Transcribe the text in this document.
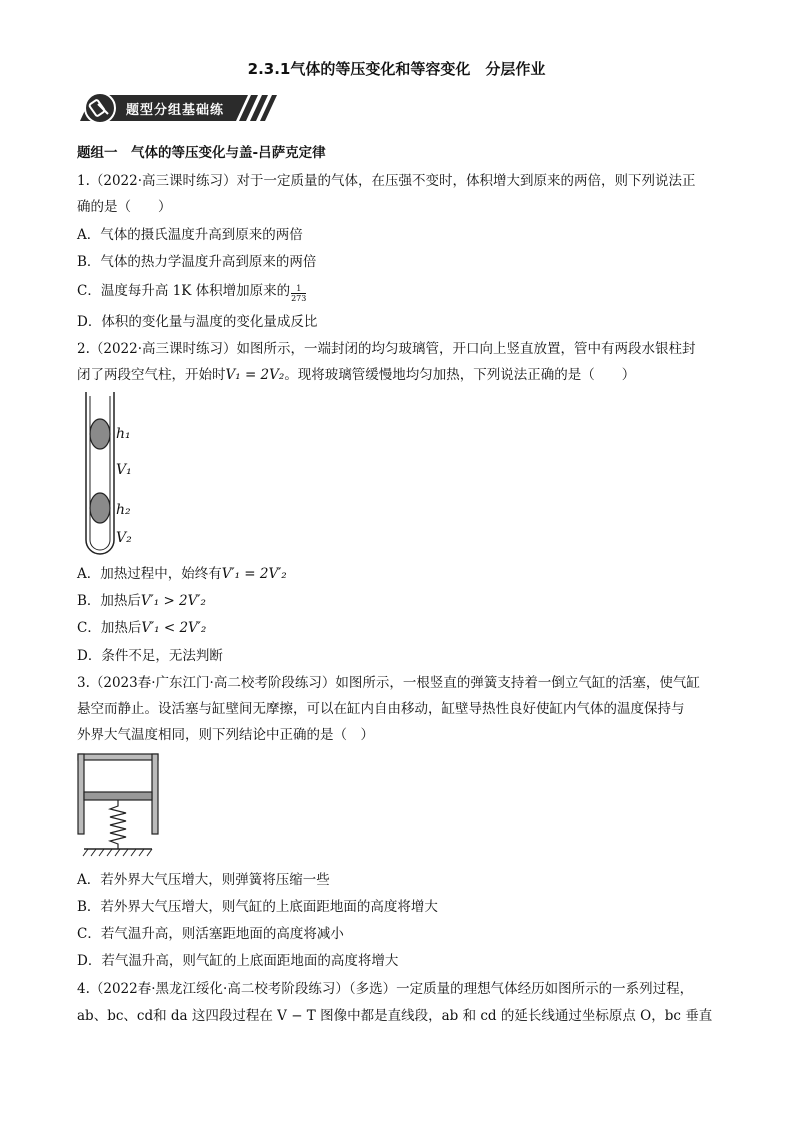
2.3.1气体的等压变化和等容变化　分层作业
题型分组基础练
题组一　气体的等压变化与盖-吕萨克定律
1.（2022·高三课时练习）对于一定质量的气体，在压强不变时，体积增大到原来的两倍，则下列说法正
确的是（　　）
A．气体的摄氏温度升高到原来的两倍
B．气体的热力学温度升高到原来的两倍
C．温度每升高 1K 体积增加原来的 $\frac{1}{273}$
D．体积的变化量与温度的变化量成反比
2.（2022·高三课时练习）如图所示，一端封闭的均匀玻璃管，开口向上竖直放置，管中有两段水银柱封
闭了两段空气柱，开始时V₁ = 2V₂。现将玻璃管缓慢地均匀加热，下列说法正确的是（　　）
h₁
V₁
h₂
V₂
A．加热过程中，始终有V′₁ = 2V′₂
B．加热后V′₁ > 2V′₂
C．加热后V′₁ < 2V′₂
D．条件不足，无法判断
3.（2023春·广东江门·高二校考阶段练习）如图所示，一根竖直的弹簧支持着一倒立气缸的活塞，使气缸
悬空而静止。设活塞与缸壁间无摩擦，可以在缸内自由移动，缸壁导热性良好使缸内气体的温度保持与
外界大气温度相同，则下列结论中正确的是（　）
A．若外界大气压增大，则弹簧将压缩一些
B．若外界大气压增大，则气缸的上底面距地面的高度将增大
C．若气温升高，则活塞距地面的高度将减小
D．若气温升高，则气缸的上底面距地面的高度将增大
4.（2022春·黑龙江绥化·高二校考阶段练习）（多选）一定质量的理想气体经历如图所示的一系列过程，
ab、bc、cd和 da 这四段过程在 V − T 图像中都是直线段，ab 和 cd 的延长线通过坐标原点 O，bc 垂直
